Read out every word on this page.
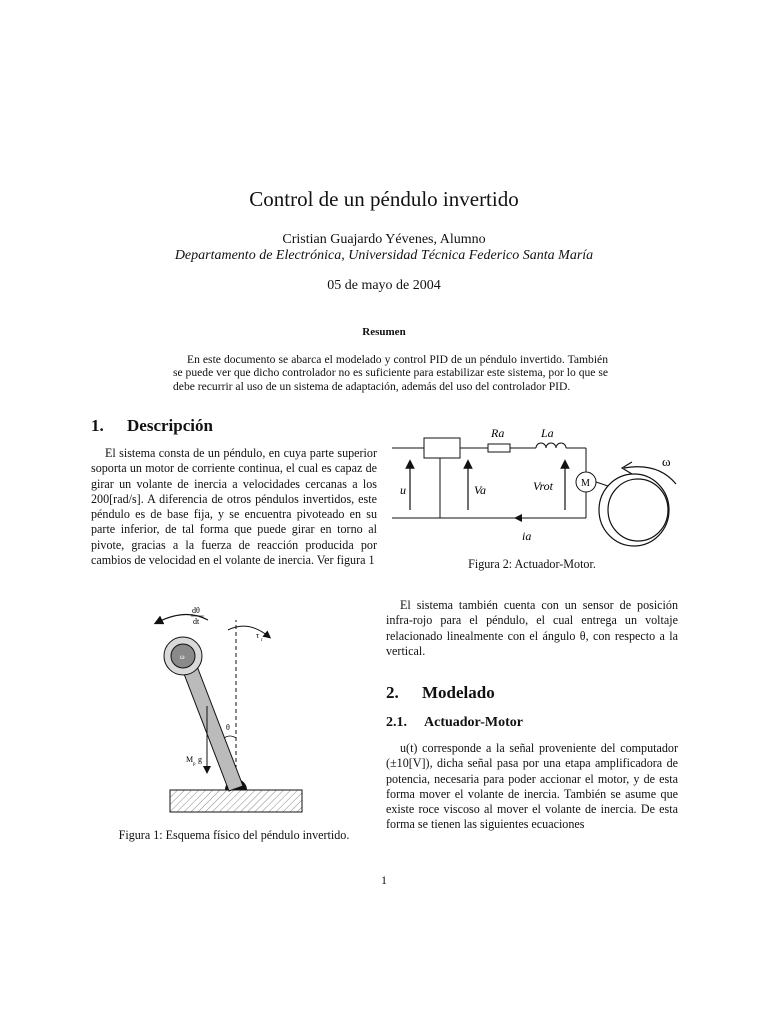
Control de un péndulo invertido
Cristian Guajardo Yévenes, Alumno
Departamento de Electrónica, Universidad Técnica Federico Santa María
05 de mayo de 2004
Resumen

En este documento se abarca el modelado y control PID de un péndulo invertido. También se puede ver que dicho controlador no es suficiente para estabilizar este sistema, por lo que se debe recurrir al uso de un sistema de adaptación, además del uso del controlador PID.

1. Descripción

El sistema consta de un péndulo, en cuya parte superior soporta un motor de corriente continua, el cual es capaz de girar un volante de inercia a velocidades cercanas a los 200[rad/s]. A diferencia de otros péndulos invertidos, este péndulo es de base fija, y se encuentra pivoteado en su parte inferior, de tal forma que puede girar en torno al pivote, gracias a la fuerza de reacción producida por cambios de velocidad en el volante de inercia. Ver figura 1

dθ
dt
ω
τ
r
θ
M
p
g
Figura 1: Esquema físico del péndulo invertido.
Ra	La
u	Va	Vrot
ia
M
ω
Figura 2: Actuador-Motor.

El sistema también cuenta con un sensor de posición infra-rojo para el péndulo, el cual entrega un voltaje relacionado linealmente con el ángulo θ, con respecto a la vertical.

2. Modelado
2.1. Actuador-Motor

u(t) corresponde a la señal proveniente del computador (±10[V]), dicha señal pasa por una etapa amplificadora de potencia, necesaria para poder accionar el motor, y de esta forma mover el volante de inercia. También se asume que existe roce viscoso al mover el volante de inercia. De esta forma se tienen las siguientes ecuaciones

1
